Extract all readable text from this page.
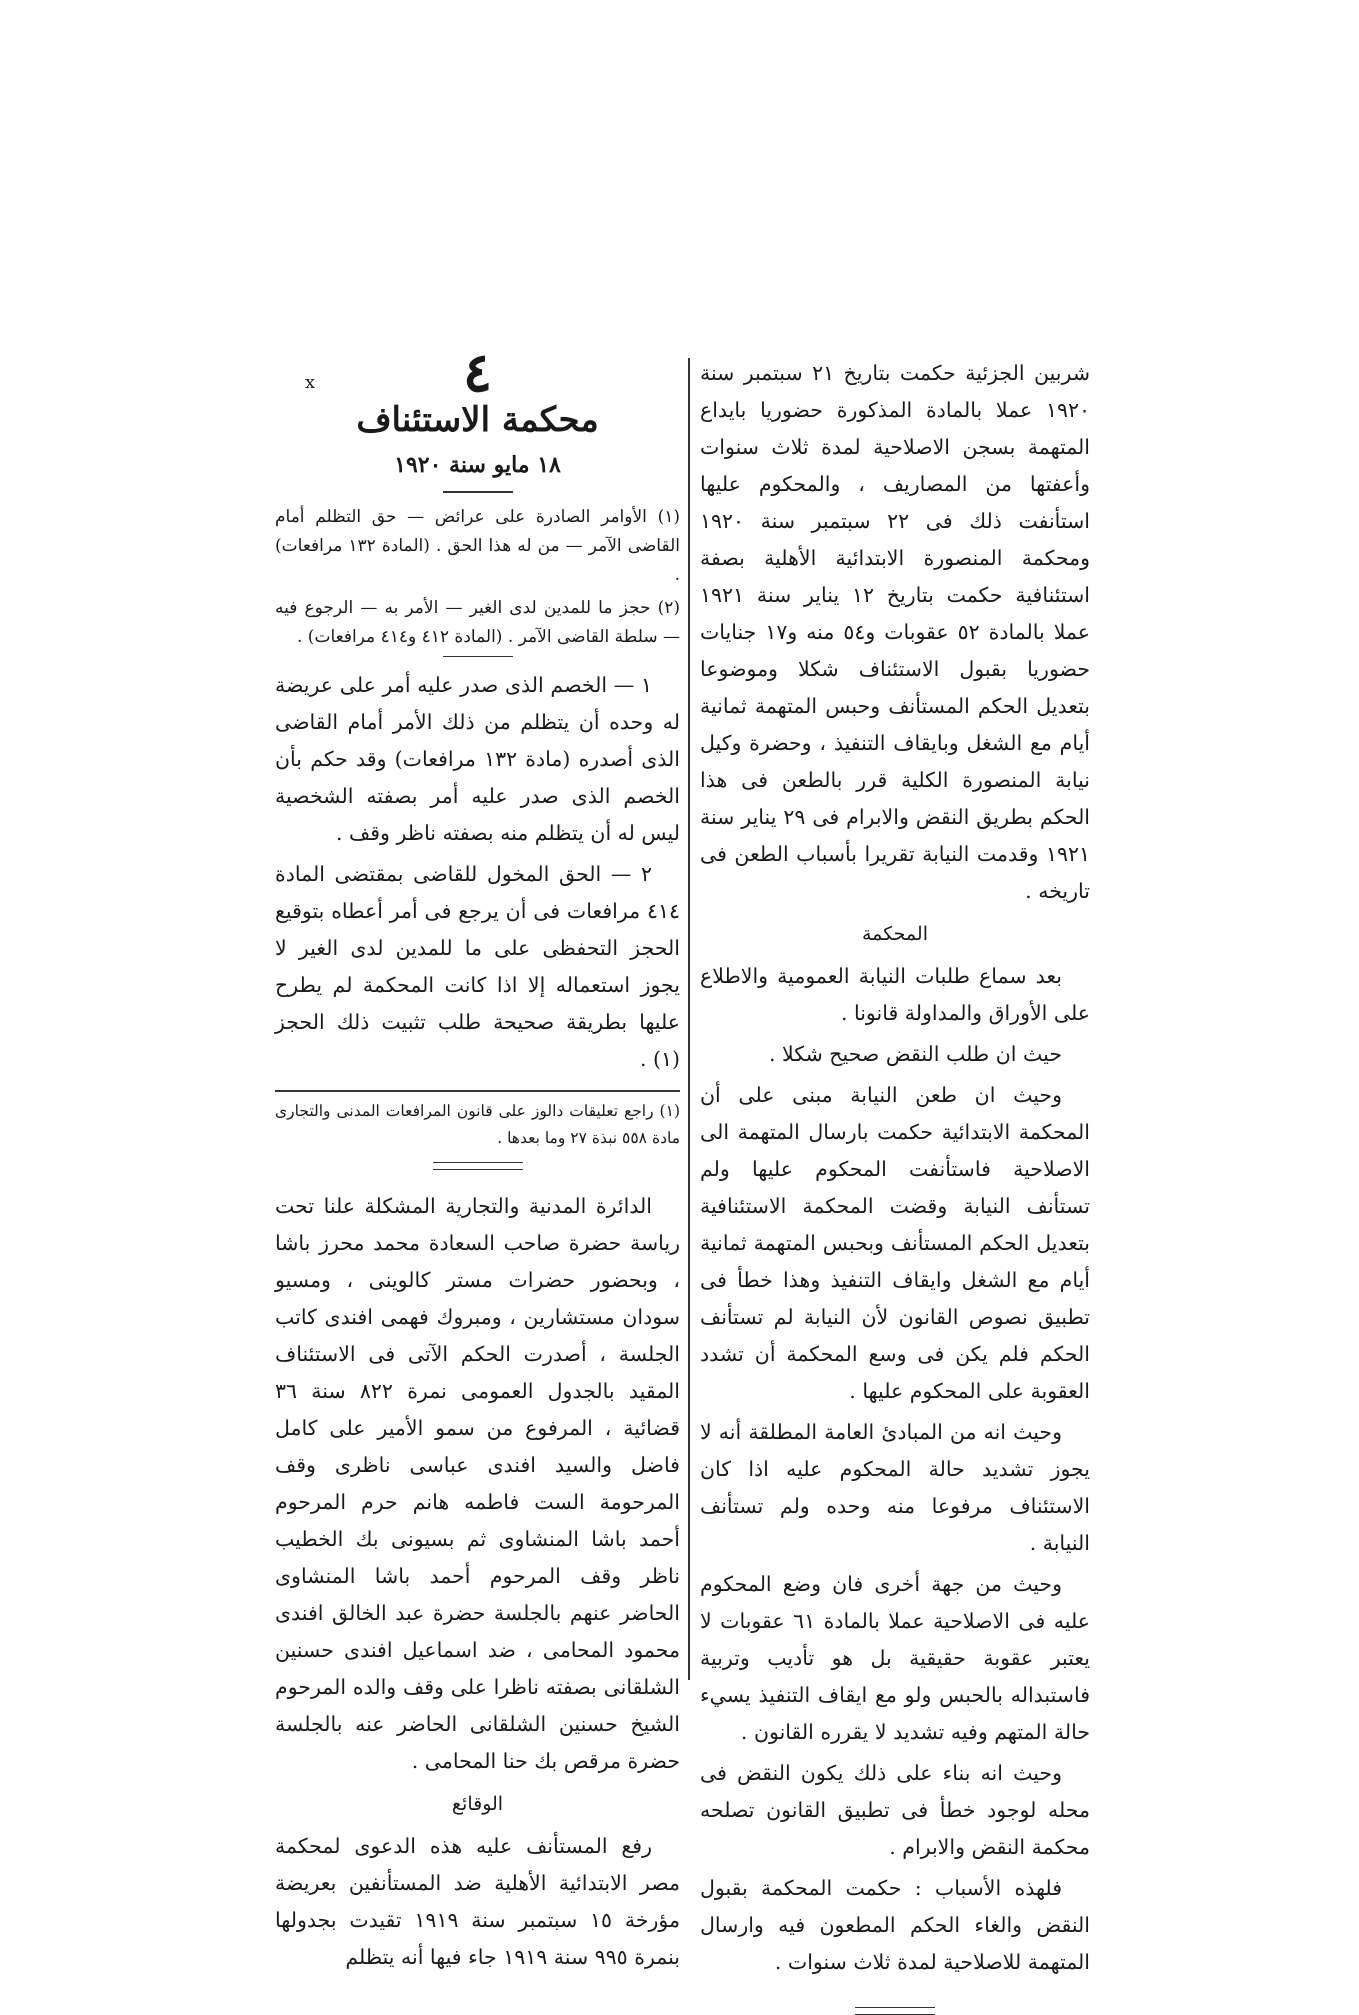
شربين الجزئية حكمت بتاريخ ٢١ سبتمبر سنة ١٩٢٠ عملا بالمادة المذكورة حضوريا بايداع المتهمة بسجن الاصلاحية لمدة ثلاث سنوات وأعفتها من المصاريف ، والمحكوم عليها استأنفت ذلك فى ٢٢ سبتمبر سنة ١٩٢٠ ومحكمة المنصورة الابتدائية الأهلية بصفة استئنافية حكمت بتاريخ ١٢ يناير سنة ١٩٢١ عملا بالمادة ٥٢ عقوبات و٥٤ منه و١٧ جنايات حضوريا بقبول الاستئناف شكلا وموضوعا بتعديل الحكم المستأنف وحبس المتهمة ثمانية أيام مع الشغل وبايقاف التنفيذ ، وحضرة وكيل نيابة المنصورة الكلية قرر بالطعن فى هذا الحكم بطريق النقض والابرام فى ٢٩ يناير سنة ١٩٢١ وقدمت النيابة تقريرا بأسباب الطعن فى تاريخه .

المحكمة

بعد سماع طلبات النيابة العمومية والاطلاع على الأوراق والمداولة قانونا .

حيث ان طلب النقض صحيح شكلا .

وحيث ان طعن النيابة مبنى على أن المحكمة الابتدائية حكمت بارسال المتهمة الى الاصلاحية فاستأنفت المحكوم عليها ولم تستأنف النيابة وقضت المحكمة الاستئنافية بتعديل الحكم المستأنف وبحبس المتهمة ثمانية أيام مع الشغل وايقاف التنفيذ وهذا خطأ فى تطبيق نصوص القانون لأن النيابة لم تستأنف الحكم فلم يكن فى وسع المحكمة أن تشدد العقوبة على المحكوم عليها .

وحيث انه من المبادئ العامة المطلقة أنه لا يجوز تشديد حالة المحكوم عليه اذا كان الاستئناف مرفوعا منه وحده ولم تستأنف النيابة .

وحيث من جهة أخرى فان وضع المحكوم عليه فى الاصلاحية عملا بالمادة ٦١ عقوبات لا يعتبر عقوبة حقيقية بل هو تأديب وتربية فاستبداله بالحبس ولو مع ايقاف التنفيذ يسيء حالة المتهم وفيه تشديد لا يقرره القانون .

وحيث انه بناء على ذلك يكون النقض فى محله لوجود خطأ فى تطبيق القانون تصلحه محكمة النقض والابرام .

فلهذه الأسباب : حكمت المحكمة بقبول النقض والغاء الحكم المطعون فيه وارسال المتهمة للاصلاحية لمدة ثلاث سنوات .

٤
محكمة الاستئناف
١٨ مايو سنة ١٩٢٠

(١) الأوامر الصادرة على عرائض — حق التظلم أمام القاضى الآمر — من له هذا الحق . (المادة ١٣٢ مرافعات) .

(٢) حجز ما للمدين لدى الغير — الأمر به — الرجوع فيه — سلطة القاضى الآمر . (المادة ٤١٢ و٤١٤ مرافعات) .

١ — الخصم الذى صدر عليه أمر على عريضة له وحده أن يتظلم من ذلك الأمر أمام القاضى الذى أصدره (مادة ١٣٢ مرافعات) وقد حكم بأن الخصم الذى صدر عليه أمر بصفته الشخصية ليس له أن يتظلم منه بصفته ناظر وقف .

٢ — الحق المخول للقاضى بمقتضى المادة ٤١٤ مرافعات فى أن يرجع فى أمر أعطاه بتوقيع الحجز التحفظى على ما للمدين لدى الغير لا يجوز استعماله إلا اذا كانت المحكمة لم يطرح عليها بطريقة صحيحة طلب تثبيت ذلك الحجز (١) .

(١) راجع تعليقات دالوز على قانون المرافعات المدنى والتجارى مادة ٥٥٨ نبذة ٢٧ وما بعدها .

الدائرة المدنية والتجارية المشكلة علنا تحت رياسة حضرة صاحب السعادة محمد محرز باشا ، وبحضور حضرات مستر كالوينى ، ومسيو سودان مستشارين ، ومبروك فهمى افندى كاتب الجلسة ، أصدرت الحكم الآتى فى الاستئناف المقيد بالجدول العمومى نمرة ٨٢٢ سنة ٣٦ قضائية ، المرفوع من سمو الأمير على كامل فاضل والسيد افندى عباسى ناظرى وقف المرحومة الست فاطمه هانم حرم المرحوم أحمد باشا المنشاوى ثم بسيونى بك الخطيب ناظر وقف المرحوم أحمد باشا المنشاوى الحاضر عنهم بالجلسة حضرة عبد الخالق افندى محمود المحامى ، ضد اسماعيل افندى حسنين الشلقانى بصفته ناظرا على وقف والده المرحوم الشيخ حسنين الشلقانى الحاضر عنه بالجلسة حضرة مرقص بك حنا المحامى .

الوقائع

رفع المستأنف عليه هذه الدعوى لمحكمة مصر الابتدائية الأهلية ضد المستأنفين بعريضة مؤرخة ١٥ سبتمبر سنة ١٩١٩ تقيدت بجدولها بنمرة ٩٩٥ سنة ١٩١٩ جاء فيها أنه يتظلم

x
